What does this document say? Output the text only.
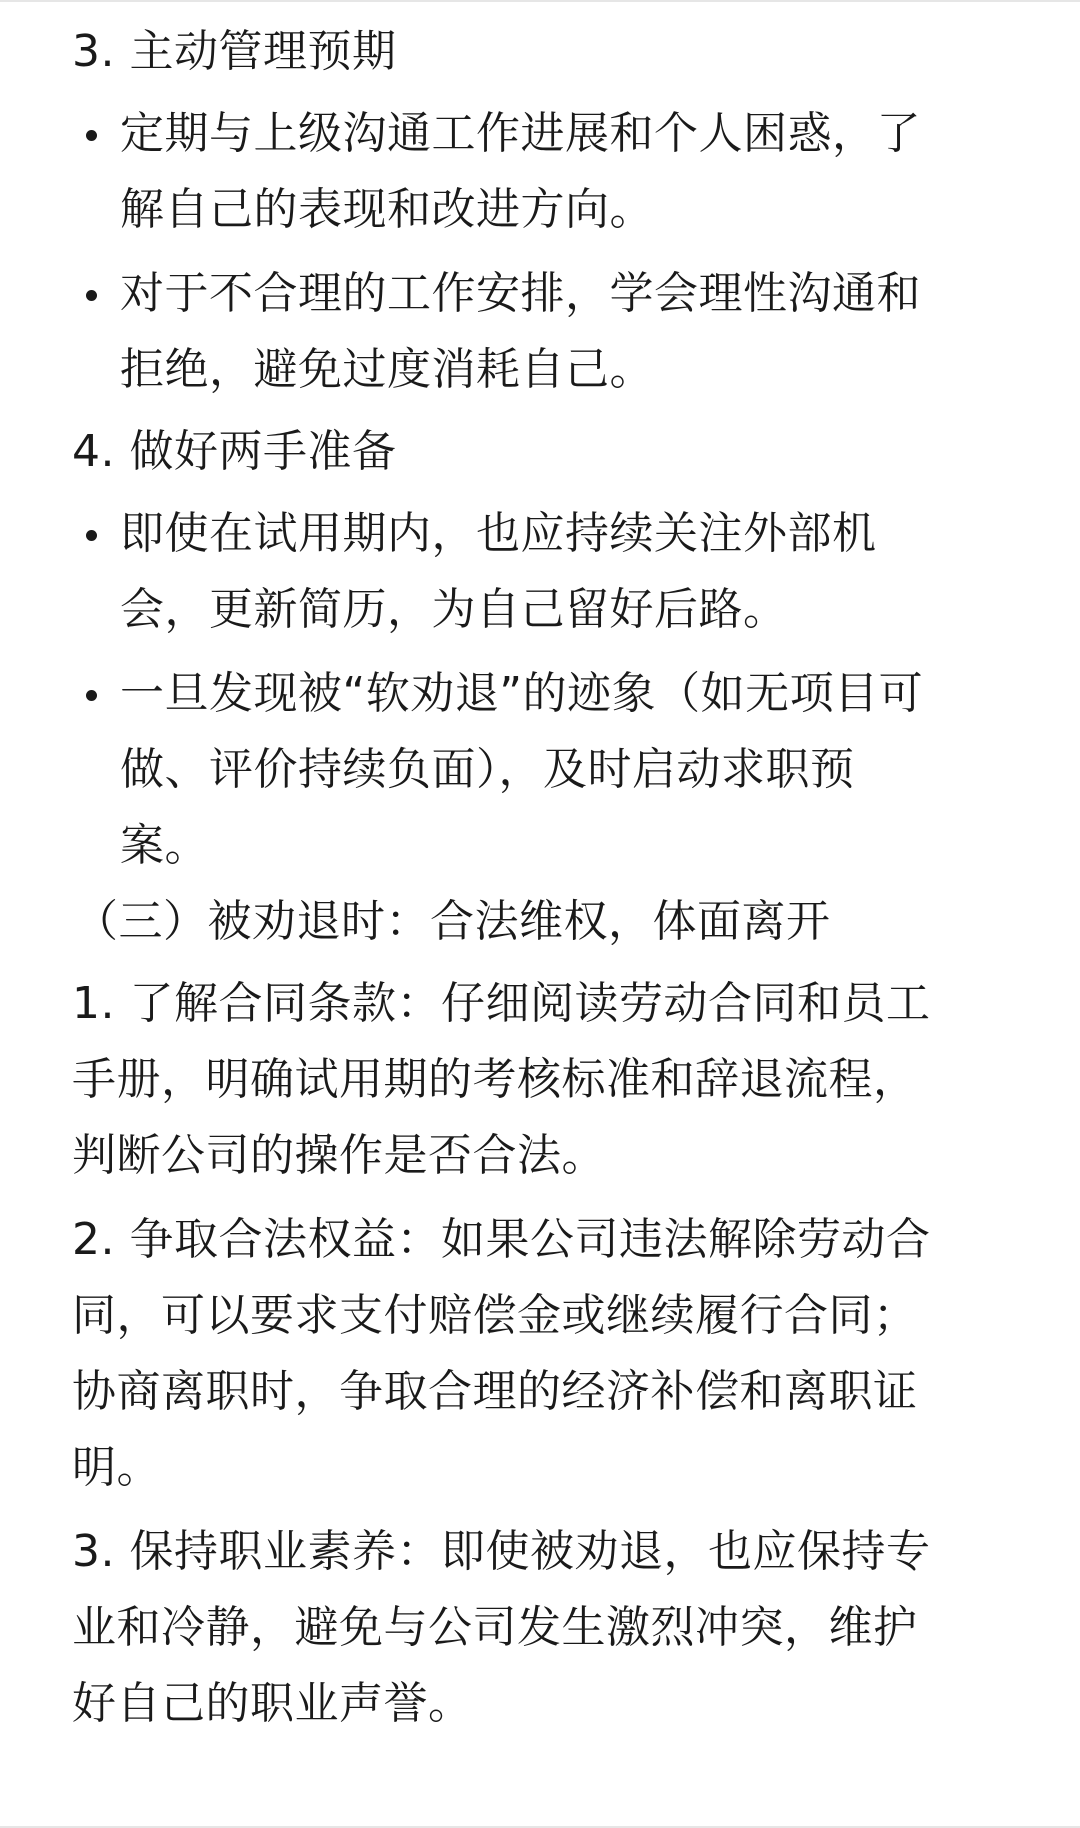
3. 主动管理预期
定期与上级沟通工作进展和个人困惑，了
解自己的表现和改进方向。
对于不合理的工作安排，学会理性沟通和
拒绝，避免过度消耗自己。
4. 做好两手准备
即使在试用期内，也应持续关注外部机
会，更新简历，为自己留好后路。
一旦发现被“软劝退”的迹象（如无项目可
做、评价持续负面），及时启动求职预
案。
（三）被劝退时：合法维权，体面离开
1. 了解合同条款：仔细阅读劳动合同和员工
手册，明确试用期的考核标准和辞退流程，
判断公司的操作是否合法。
2. 争取合法权益：如果公司违法解除劳动合
同，可以要求支付赔偿金或继续履行合同；
协商离职时，争取合理的经济补偿和离职证
明。
3. 保持职业素养：即使被劝退，也应保持专
业和冷静，避免与公司发生激烈冲突，维护
好自己的职业声誉。
